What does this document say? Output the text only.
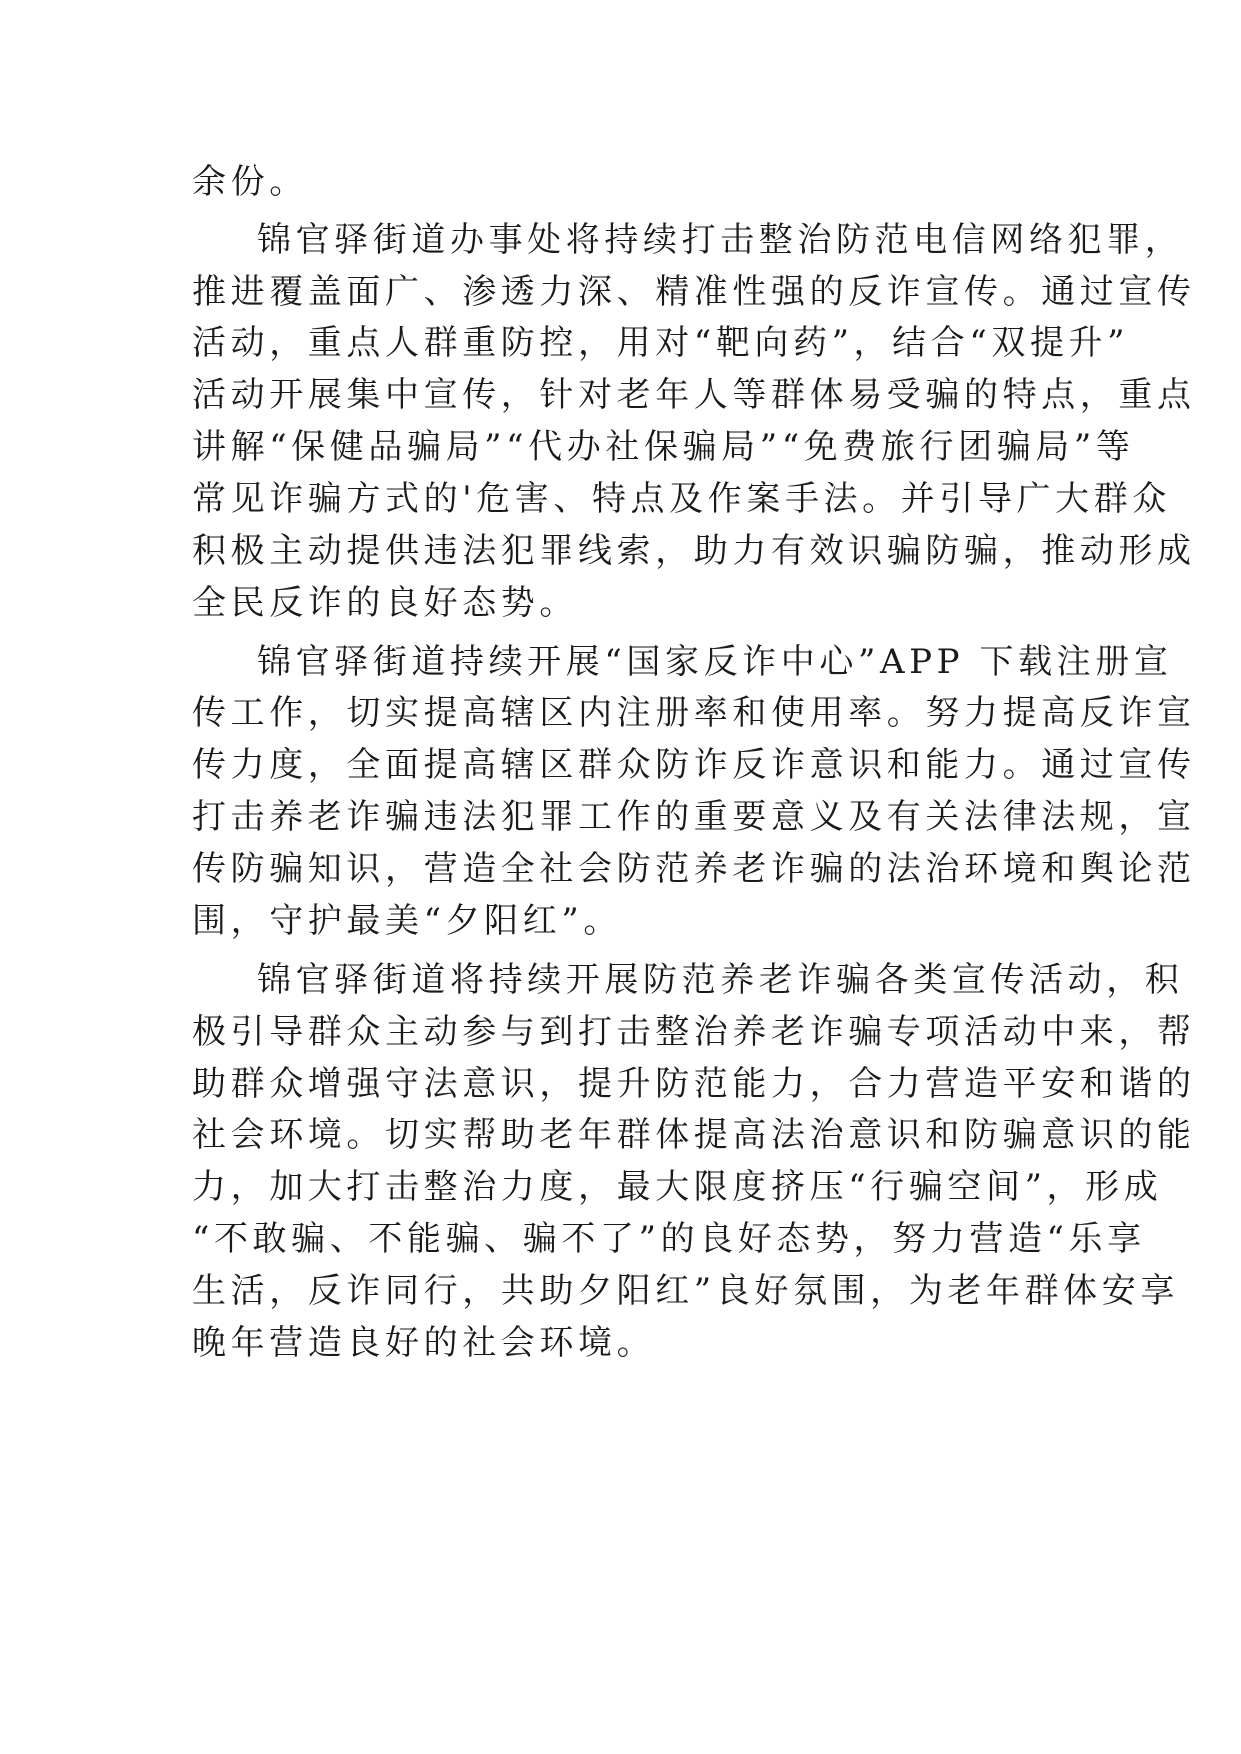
余份。
锦官驿街道办事处将持续打击整治防范电信网络犯罪，
推进覆盖面广、渗透力深、精准性强的反诈宣传。通过宣传
活动，重点人群重防控，用对“靶向药”，结合“双提升”
活动开展集中宣传，针对老年人等群体易受骗的特点，重点
讲解“保健品骗局”“代办社保骗局”“免费旅行团骗局”等
常见诈骗方式的'危害、特点及作案手法。并引导广大群众
积极主动提供违法犯罪线索，助力有效识骗防骗，推动形成
全民反诈的良好态势。
锦官驿街道持续开展“国家反诈中心”APP 下载注册宣
传工作，切实提高辖区内注册率和使用率。努力提高反诈宣
传力度，全面提高辖区群众防诈反诈意识和能力。通过宣传
打击养老诈骗违法犯罪工作的重要意义及有关法律法规，宣
传防骗知识，营造全社会防范养老诈骗的法治环境和舆论范
围，守护最美“夕阳红”。
锦官驿街道将持续开展防范养老诈骗各类宣传活动，积
极引导群众主动参与到打击整治养老诈骗专项活动中来，帮
助群众增强守法意识，提升防范能力，合力营造平安和谐的
社会环境。切实帮助老年群体提高法治意识和防骗意识的能
力，加大打击整治力度，最大限度挤压“行骗空间”，形成
“不敢骗、不能骗、骗不了”的良好态势，努力营造“乐享
生活，反诈同行，共助夕阳红”良好氛围，为老年群体安享
晚年营造良好的社会环境。
